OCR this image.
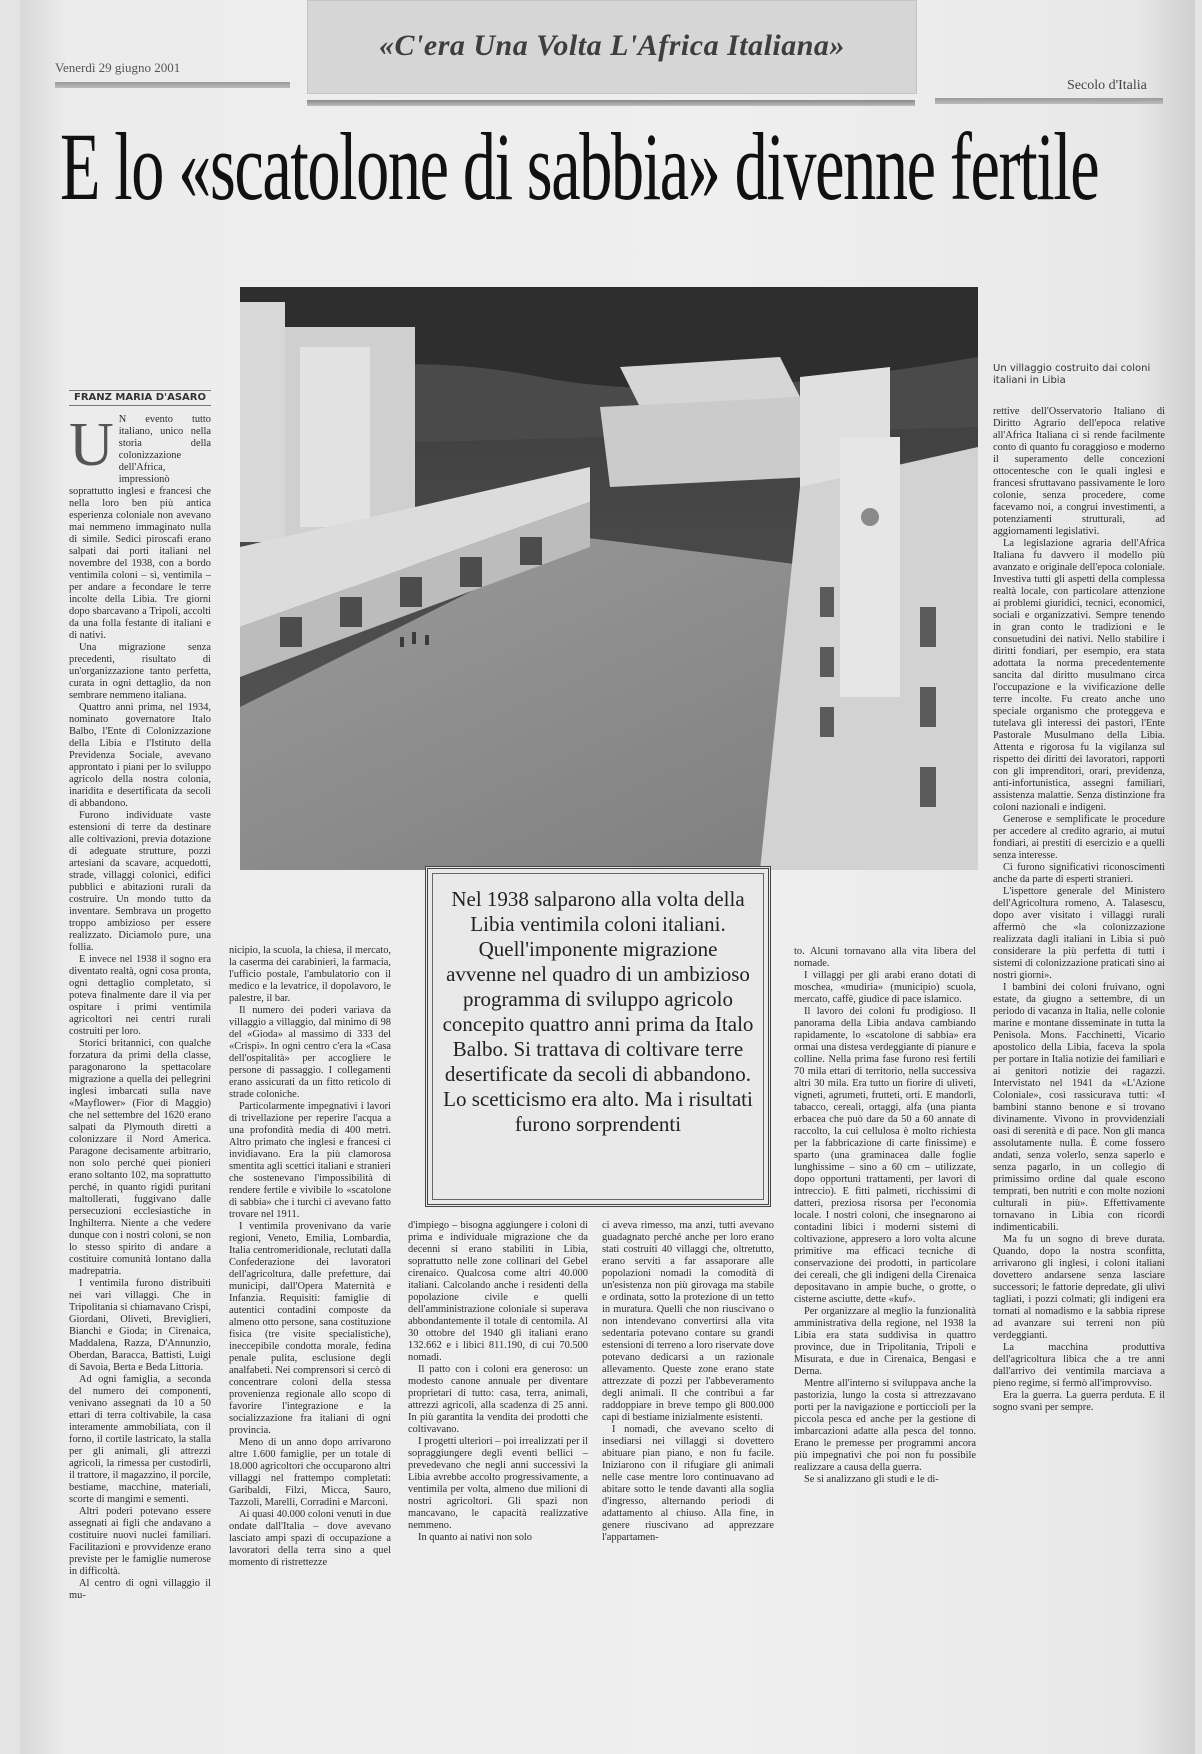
Venerdì 29 giugno 2001
«C'era Una Volta L'Africa Italiana»
Secolo d'Italia
E lo «scatolone di sabbia» divenne fertile
Un villaggio costruito dai coloni italiani in Libia
FRANZ MARIA D'ASARO
U N evento tutto italiano, unico nella storia della colonizzazione dell'Africa, impressionò soprattutto inglesi e francesi che nella loro ben più antica esperienza coloniale non avevano mai nemmeno immaginato nulla di simile. Sedici piroscafi erano salpati dai porti italiani nel novembre del 1938, con a bordo ventimila coloni – sì, ventimila – per andare a fecondare le terre incolte della Libia. Tre giorni dopo sbarcavano a Tripoli, accolti da una folla festante di italiani e di nativi.

Una migrazione senza precedenti, risultato di un'organizzazione tanto perfetta, curata in ogni dettaglio, da non sembrare nemmeno italiana.

Quattro anni prima, nel 1934, nominato governatore Italo Balbo, l'Ente di Colonizzazione della Libia e l'Istituto della Previdenza Sociale, avevano approntato i piani per lo sviluppo agricolo della nostra colonia, inaridita e desertificata da secoli di abbandono.

Furono individuate vaste estensioni di terre da destinare alle coltivazioni, previa dotazione di adeguate strutture, pozzi artesiani da scavare, acquedotti, strade, villaggi colonici, edifici pubblici e abitazioni rurali da costruire. Un mondo tutto da inventare. Sembrava un progetto troppo ambizioso per essere realizzato. Diciamolo pure, una follia.

E invece nel 1938 il sogno era diventato realtà, ogni cosa pronta, ogni dettaglio completato, si poteva finalmente dare il via per ospitare i primi ventimila agricoltori nei centri rurali costruiti per loro.

Storici britannici, con qualche forzatura da primi della classe, paragonarono la spettacolare migrazione a quella dei pellegrini inglesi imbarcati sulla nave «Mayflower» (Fior di Maggio) che nel settembre del 1620 erano salpati da Plymouth diretti a colonizzare il Nord America. Paragone decisamente arbitrario, non solo perché quei pionieri erano soltanto 102, ma soprattutto perché, in quanto rigidi puritani maltollerati, fuggivano dalle persecuzioni ecclesiastiche in Inghilterra. Niente a che vedere dunque con i nostri coloni, se non lo stesso spirito di andare a costituire comunità lontano dalla madrepatria.

I ventimila furono distribuiti nei vari villaggi. Che in Tripolitania si chiamavano Crispi, Giordani, Oliveti, Breviglieri, Bianchi e Gioda; in Cirenaica, Maddalena, Razza, D'Annunzio, Oberdan, Baracca, Battisti, Luigi di Savoia, Berta e Beda Littoria.

Ad ogni famiglia, a seconda del numero dei componenti, venivano assegnati da 10 a 50 ettari di terra coltivabile, la casa interamente ammobiliata, con il forno, il cortile lastricato, la stalla per gli animali, gli attrezzi agricoli, la rimessa per custodirli, il trattore, il magazzino, il porcile, bestiame, macchine, materiali, scorte di mangimi e sementi.

Altri poderi potevano essere assegnati ai figli che andavano a costituire nuovi nuclei familiari. Facilitazioni e provvidenze erano previste per le famiglie numerose in difficoltà.

Al centro di ogni villaggio il mu-

nicipio, la scuola, la chiesa, il mercato, la caserma dei carabinieri, la farmacia, l'ufficio postale, l'ambulatorio con il medico e la levatrice, il dopolavoro, le palestre, il bar.

Il numero dei poderi variava da villaggio a villaggio, dal minimo di 98 del «Gioda» al massimo di 333 del «Crispi». In ogni centro c'era la «Casa dell'ospitalità» per accogliere le persone di passaggio. I collegamenti erano assicurati da un fitto reticolo di strade coloniche.

Particolarmente impegnativi i lavori di trivellazione per reperire l'acqua a una profondità media di 400 metri. Altro primato che inglesi e francesi ci invidiavano. Era la più clamorosa smentita agli scettici italiani e stranieri che sostenevano l'impossibilità di rendere fertile e vivibile lo «scatolone di sabbia» che i turchi ci avevano fatto trovare nel 1911.

I ventimila provenivano da varie regioni, Veneto, Emilia, Lombardia, Italia centromeridionale, reclutati dalla Confederazione dei lavoratori dell'agricoltura, dalle prefetture, dai municipi, dall'Opera Maternità e Infanzia. Requisiti: famiglie di autentici contadini composte da almeno otto persone, sana costituzione fisica (tre visite specialistiche), ineccepibile condotta morale, fedina penale pulita, esclusione degli analfabeti. Nei comprensori si cercò di concentrare coloni della stessa provenienza regionale allo scopo di favorire l'integrazione e la socializzazione fra italiani di ogni provincia.

Meno di un anno dopo arrivarono altre 1.600 famiglie, per un totale di 18.000 agricoltori che occuparono altri villaggi nel frattempo completati: Garibaldi, Filzi, Micca, Sauro, Tazzoli, Marelli, Corradini e Marconi.

Ai quasi 40.000 coloni venuti in due ondate dall'Italia – dove avevano lasciato ampi spazi di occupazione a lavoratori della terra sino a quel momento di ristrettezze

d'impiego – bisogna aggiungere i coloni di prima e individuale migrazione che da decenni si erano stabiliti in Libia, soprattutto nelle zone collinari del Gebel cirenaico. Qualcosa come altri 40.000 italiani. Calcolando anche i residenti della popolazione civile e quelli dell'amministrazione coloniale si superava abbondantemente il totale di centomila. Al 30 ottobre del 1940 gli italiani erano 132.662 e i libici 811.190, di cui 70.500 nomadi.

Il patto con i coloni era generoso: un modesto canone annuale per diventare proprietari di tutto: casa, terra, animali, attrezzi agricoli, alla scadenza di 25 anni. In più garantita la vendita dei prodotti che coltivavano.

I progetti ulteriori – poi irrealizzati per il sopraggiungere degli eventi bellici – prevedevano che negli anni successivi la Libia avrebbe accolto progressivamente, a ventimila per volta, almeno due milioni di nostri agricoltori. Gli spazi non mancavano, le capacità realizzative nemmeno.

In quanto ai nativi non solo

ci aveva rimesso, ma anzi, tutti avevano guadagnato perché anche per loro erano stati costruiti 40 villaggi che, oltretutto, erano serviti a far assaporare alle popolazioni nomadi la comodità di un'esistenza non più girovaga ma stabile e ordinata, sotto la protezione di un tetto in muratura. Quelli che non riuscivano o non intendevano convertirsi alla vita sedentaria potevano contare su grandi estensioni di terreno a loro riservate dove potevano dedicarsi a un razionale allevamento. Queste zone erano state attrezzate di pozzi per l'abbeveramento degli animali. Il che contribuì a far raddoppiare in breve tempo gli 800.000 capi di bestiame inizialmente esistenti.

I nomadi, che avevano scelto di insediarsi nei villaggi si dovettero abituare pian piano, e non fu facile. Iniziarono con il rifugiare gli animali nelle case mentre loro continuavano ad abitare sotto le tende davanti alla soglia d'ingresso, alternando periodi di adattamento al chiuso. Alla fine, in genere riuscivano ad apprezzare l'appartamen-

to. Alcuni tornavano alla vita libera del nomade.

I villaggi per gli arabi erano dotati di moschea, «mudiria» (municipio) scuola, mercato, caffè, giudice di pace islamico.

Il lavoro dei coloni fu prodigioso. Il panorama della Libia andava cambiando rapidamente, lo «scatolone di sabbia» era ormai una distesa verdeggiante di pianure e colline. Nella prima fase furono resi fertili 70 mila ettari di territorio, nella successiva altri 30 mila. Era tutto un fiorire di uliveti, vigneti, agrumeti, frutteti, orti. E mandorli, tabacco, cereali, ortaggi, alfa (una pianta erbacea che può dare da 50 a 60 annate di raccolto, la cui cellulosa è molto richiesta per la fabbricazione di carte finissime) e sparto (una graminacea dalle foglie lunghissime – sino a 60 cm – utilizzate, dopo opportuni trattamenti, per lavori di intreccio). E fitti palmeti, ricchissimi di datteri, preziosa risorsa per l'economia locale. I nostri coloni, che insegnarono ai contadini libici i moderni sistemi di coltivazione, appresero a loro volta alcune primitive ma efficaci tecniche di conservazione dei prodotti, in particolare dei cereali, che gli indigeni della Cirenaica depositavano in ampie buche, o grotte, o cisterne asciutte, dette «kuf».

Per organizzare al meglio la funzionalità amministrativa della regione, nel 1938 la Libia era stata suddivisa in quattro province, due in Tripolitania, Tripoli e Misurata, e due in Cirenaica, Bengasi e Derna.

Mentre all'interno si sviluppava anche la pastorizia, lungo la costa si attrezzavano porti per la navigazione e porticcioli per la piccola pesca ed anche per la gestione di imbarcazioni adatte alla pesca del tonno. Erano le premesse per programmi ancora più impegnativi che poi non fu possibile realizzare a causa della guerra.

Se si analizzano gli studi e le di-

rettive dell'Osservatorio Italiano di Diritto Agrario dell'epoca relative all'Africa Italiana ci si rende facilmente conto di quanto fu coraggioso e moderno il superamento delle concezioni ottocentesche con le quali inglesi e francesi sfruttavano passivamente le loro colonie, senza procedere, come facevamo noi, a congrui investimenti, a potenziamenti strutturali, ad aggiornamenti legislativi.

La legislazione agraria dell'Africa Italiana fu davvero il modello più avanzato e originale dell'epoca coloniale. Investiva tutti gli aspetti della complessa realtà locale, con particolare attenzione ai problemi giuridici, tecnici, economici, sociali e organizzativi. Sempre tenendo in gran conto le tradizioni e le consuetudini dei nativi. Nello stabilire i diritti fondiari, per esempio, era stata adottata la norma precedentemente sancita dal diritto musulmano circa l'occupazione e la vivificazione delle terre incolte. Fu creato anche uno speciale organismo che proteggeva e tutelava gli interessi dei pastori, l'Ente Pastorale Musulmano della Libia. Attenta e rigorosa fu la vigilanza sul rispetto dei diritti dei lavoratori, rapporti con gli imprenditori, orari, previdenza, anti-infortunistica, assegni familiari, assistenza malattie. Senza distinzione fra coloni nazionali e indigeni.

Generose e semplificate le procedure per accedere al credito agrario, ai mutui fondiari, ai prestiti di esercizio e a quelli senza interesse.

Ci furono significativi riconoscimenti anche da parte di esperti stranieri.

L'ispettore generale del Ministero dell'Agricoltura romeno, A. Talasescu, dopo aver visitato i villaggi rurali affermò che «la colonizzazione realizzata dagli italiani in Libia si può considerare la più perfetta di tutti i sistemi di colonizzazione praticati sino ai nostri giorni».

I bambini dei coloni fruivano, ogni estate, da giugno a settembre, di un periodo di vacanza in Italia, nelle colonie marine e montane disseminate in tutta la Penisola. Mons. Facchinetti, Vicario apostolico della Libia, faceva la spola per portare in Italia notizie dei familiari e ai genitori notizie dei ragazzi. Intervistato nel 1941 da «L'Azione Coloniale», così rassicurava tutti: «I bambini stanno benone e si trovano divinamente. Vivono in provvidenziali oasi di serenità e di pace. Non gli manca assolutamente nulla. È come fossero andati, senza volerlo, senza saperlo e senza pagarlo, in un collegio di primissimo ordine dal quale escono temprati, ben nutriti e con molte nozioni culturali in più». Effettivamente tornavano in Libia con ricordi indimenticabili.

Ma fu un sogno di breve durata. Quando, dopo la nostra sconfitta, arrivarono gli inglesi, i coloni italiani dovettero andarsene senza lasciare successori; le fattorie depredate, gli ulivi tagliati, i pozzi colmati; gli indigeni era tornati al nomadismo e la sabbia riprese ad avanzare sui terreni non più verdeggianti.

La macchina produttiva dell'agricoltura libica che a tre anni dall'arrivo dei ventimila marciava a pieno regime, si fermò all'improvviso.

Era la guerra. La guerra perduta. E il sogno svanì per sempre.

Nel 1938 salparono alla volta della Libia ventimila coloni italiani. Quell'imponente migrazione avvenne nel quadro di un ambizioso programma di sviluppo agricolo concepito quattro anni prima da Italo Balbo. Si trattava di coltivare terre desertificate da secoli di abbandono. Lo scetticismo era alto. Ma i risultati furono sorprendenti
